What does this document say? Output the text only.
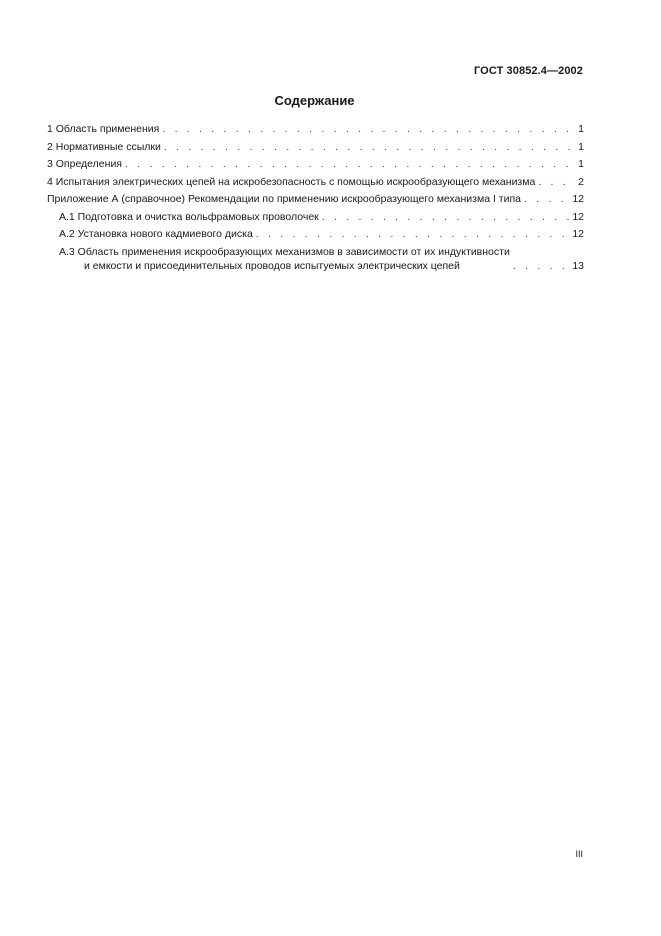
ГОСТ 30852.4—2002
Содержание
1 Область применения . . .	1
2 Нормативные ссылки . . .	1
3 Определения . . .	1
4 Испытания электрических цепей на искробезопасность с помощью искрообразующего механизма . . .	2
Приложение А (справочное) Рекомендации по применению искрообразующего механизма I типа . . .	12
А.1 Подготовка и очистка вольфрамовых проволочек . . .	12
А.2 Установка нового кадмиевого диска . . .	12
А.3 Область применения искрообразующих механизмов в зависимости от их индуктивности
и емкости и присоединительных проводов испытуемых электрических цепей . . .	13
III
